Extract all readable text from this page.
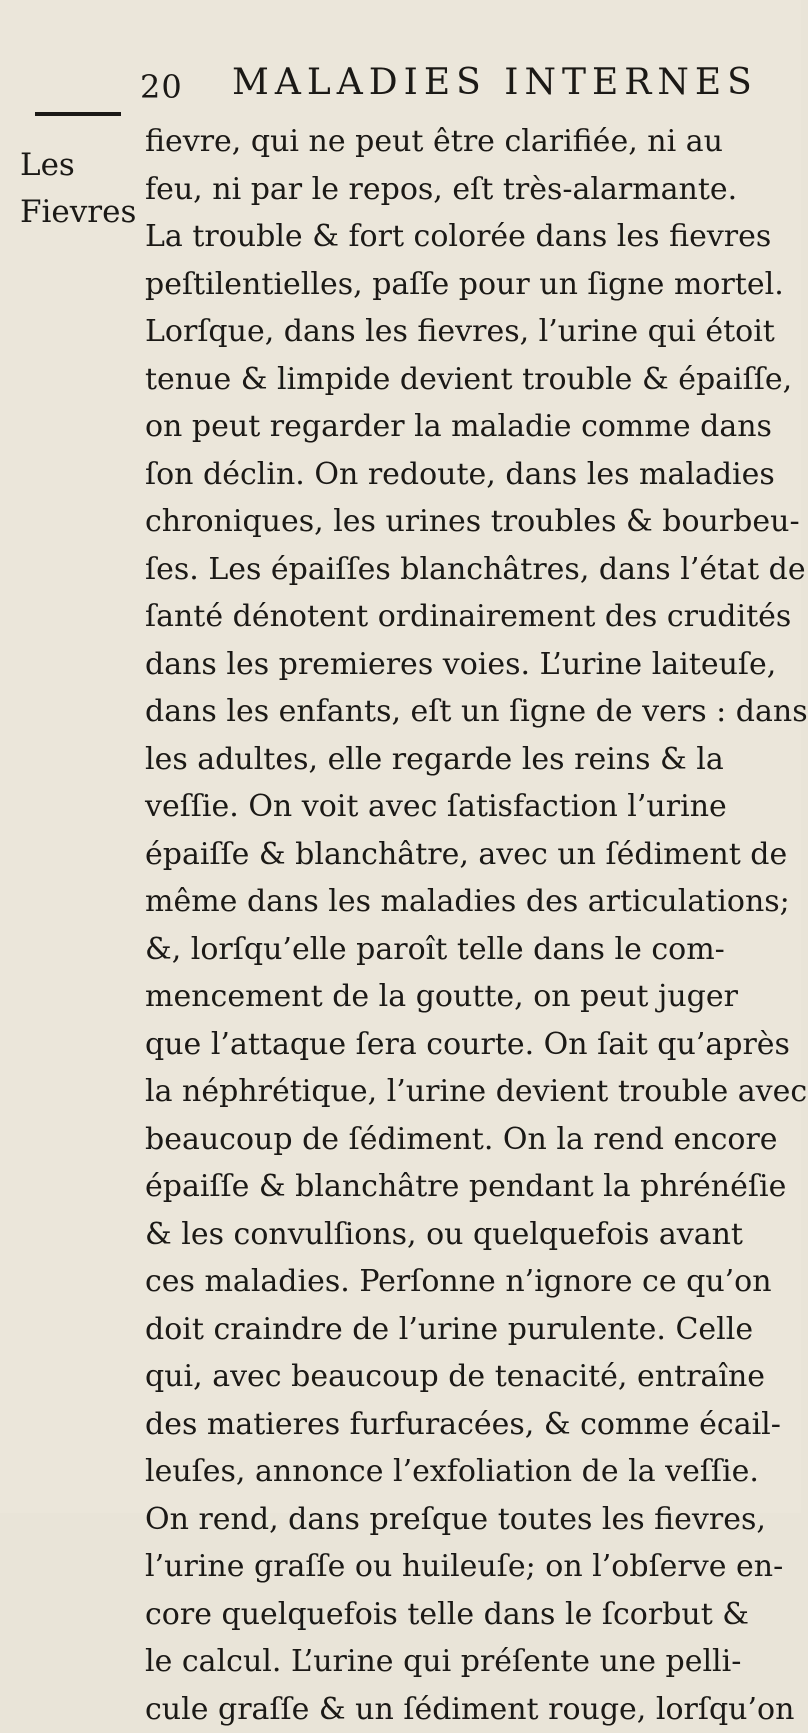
20 MALADIES INTERNES
Les
Fievres
fievre, qui ne peut être clarifiée, ni au
feu, ni par le repos, eſt très-alarmante.
La trouble & fort colorée dans les fievres
peſtilentielles, paſſe pour un ſigne mortel.
Lorſque, dans les fievres, l’urine qui étoit
tenue & limpide devient trouble & épaiſſe,
on peut regarder la maladie comme dans
ſon déclin. On redoute, dans les maladies
chroniques, les urines troubles & bourbeu-
ſes. Les épaiſſes blanchâtres, dans l’état de
ſanté dénotent ordinairement des crudités
dans les premieres voies. L’urine laiteuſe,
dans les enfants, eſt un ſigne de vers : dans
les adultes, elle regarde les reins & la
veſſie. On voit avec ſatisfaction l’urine
épaiſſe & blanchâtre, avec un ſédiment de
même dans les maladies des articulations;
&, lorſqu’elle paroît telle dans le com-
mencement de la goutte, on peut juger
que l’attaque ſera courte. On ſait qu’après
la néphrétique, l’urine devient trouble avec
beaucoup de ſédiment. On la rend encore
épaiſſe & blanchâtre pendant la phrénéſie
& les convulſions, ou quelquefois avant
ces maladies. Perſonne n’ignore ce qu’on
doit craindre de l’urine purulente. Celle
qui, avec beaucoup de tenacité, entraîne
des matieres furfuracées, & comme écail-
leuſes, annonce l’exfoliation de la veſſie.
On rend, dans preſque toutes les fievres,
l’urine graſſe ou huileuſe; on l’obſerve en-
core quelquefois telle dans le ſcorbut &
le calcul. L’urine qui préſente une pelli-
cule graſſe & un ſédiment rouge, lorſqu’on
